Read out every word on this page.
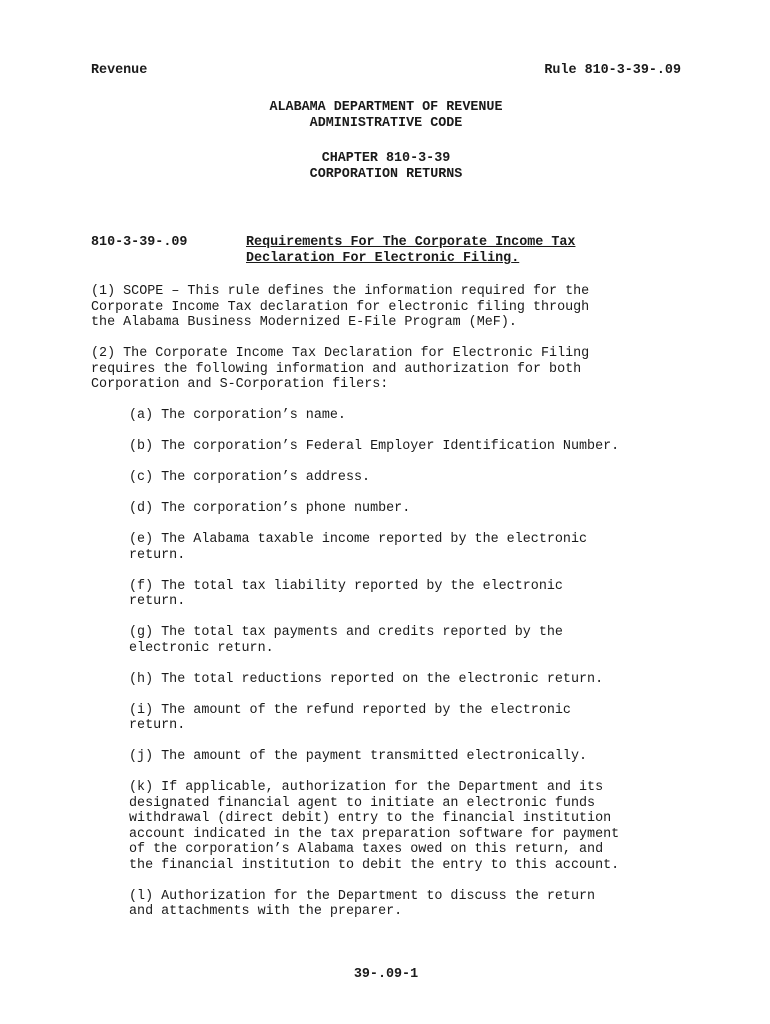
Revenue	Rule 810-3-39-.09
ALABAMA DEPARTMENT OF REVENUE
ADMINISTRATIVE CODE
CHAPTER 810-3-39
CORPORATION RETURNS
810-3-39-.09	Requirements For The Corporate Income Tax
Declaration For Electronic Filing.

(1) SCOPE – This rule defines the information required for the
Corporate Income Tax declaration for electronic filing through
the Alabama Business Modernized E-File Program (MeF).

(2) The Corporate Income Tax Declaration for Electronic Filing
requires the following information and authorization for both
Corporation and S-Corporation filers:

(a) The corporation’s name.

(b) The corporation’s Federal Employer Identification Number.

(c) The corporation’s address.

(d) The corporation’s phone number.

(e) The Alabama taxable income reported by the electronic
return.

(f) The total tax liability reported by the electronic
return.

(g) The total tax payments and credits reported by the
electronic return.

(h) The total reductions reported on the electronic return.

(i) The amount of the refund reported by the electronic
return.

(j) The amount of the payment transmitted electronically.

(k) If applicable, authorization for the Department and its
designated financial agent to initiate an electronic funds
withdrawal (direct debit) entry to the financial institution
account indicated in the tax preparation software for payment
of the corporation’s Alabama taxes owed on this return, and
the financial institution to debit the entry to this account.

(l) Authorization for the Department to discuss the return
and attachments with the preparer.

39-.09-1
